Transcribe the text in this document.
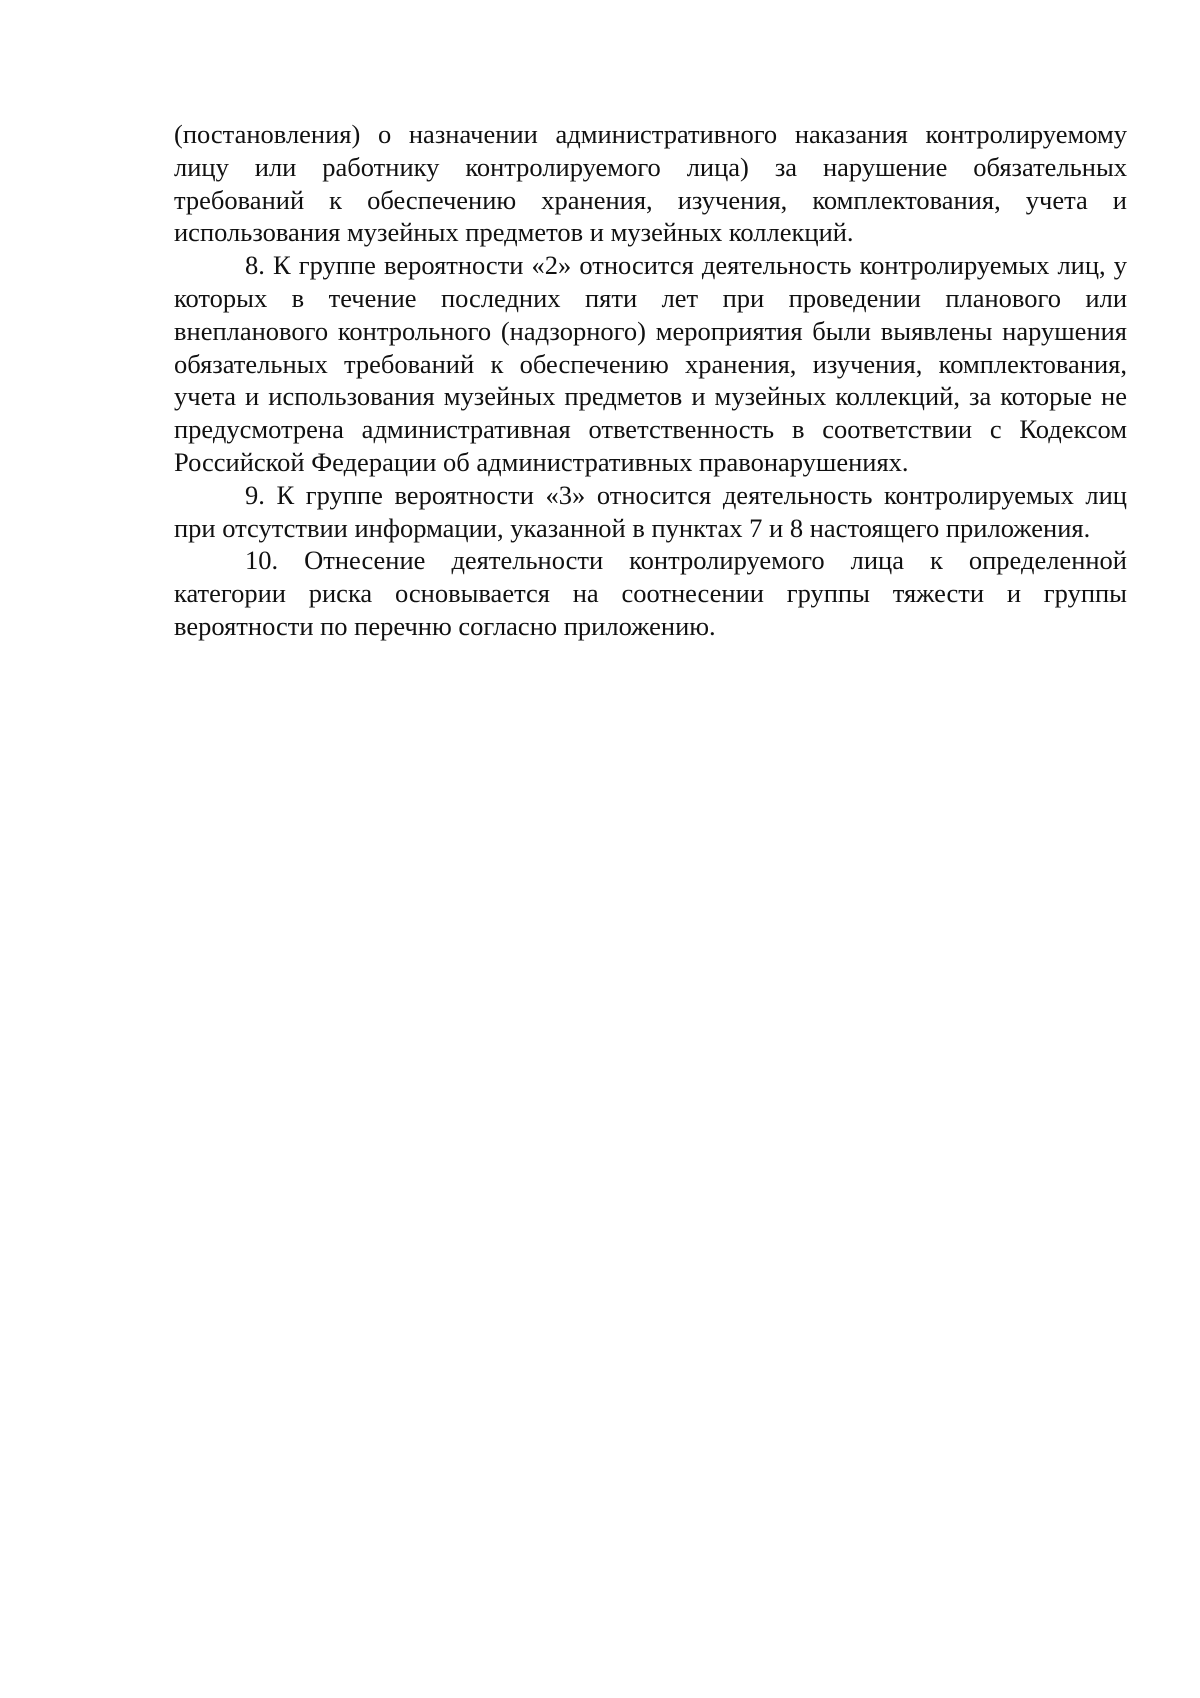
(постановления) о назначении административного наказания контролируемому лицу или работнику контролируемого лица) за нарушение обязательных требований к обеспечению хранения, изучения, комплектования, учета и использования музейных предметов и музейных коллекций.

8. К группе вероятности «2» относится деятельность контролируемых лиц, у которых в течение последних пяти лет при проведении планового или внепланового контрольного (надзорного) мероприятия были выявлены нарушения обязательных требований к обеспечению хранения, изучения, комплектования, учета и использования музейных предметов и музейных коллекций, за которые не предусмотрена административная ответственность в соответствии с Кодексом Российской Федерации об административных правонарушениях.

9. К группе вероятности «3» относится деятельность контролируемых лиц при отсутствии информации, указанной в пунктах 7 и 8 настоящего приложения.

10. Отнесение деятельности контролируемого лица к определенной категории риска основывается на соотнесении группы тяжести и группы вероятности по перечню согласно приложению.
